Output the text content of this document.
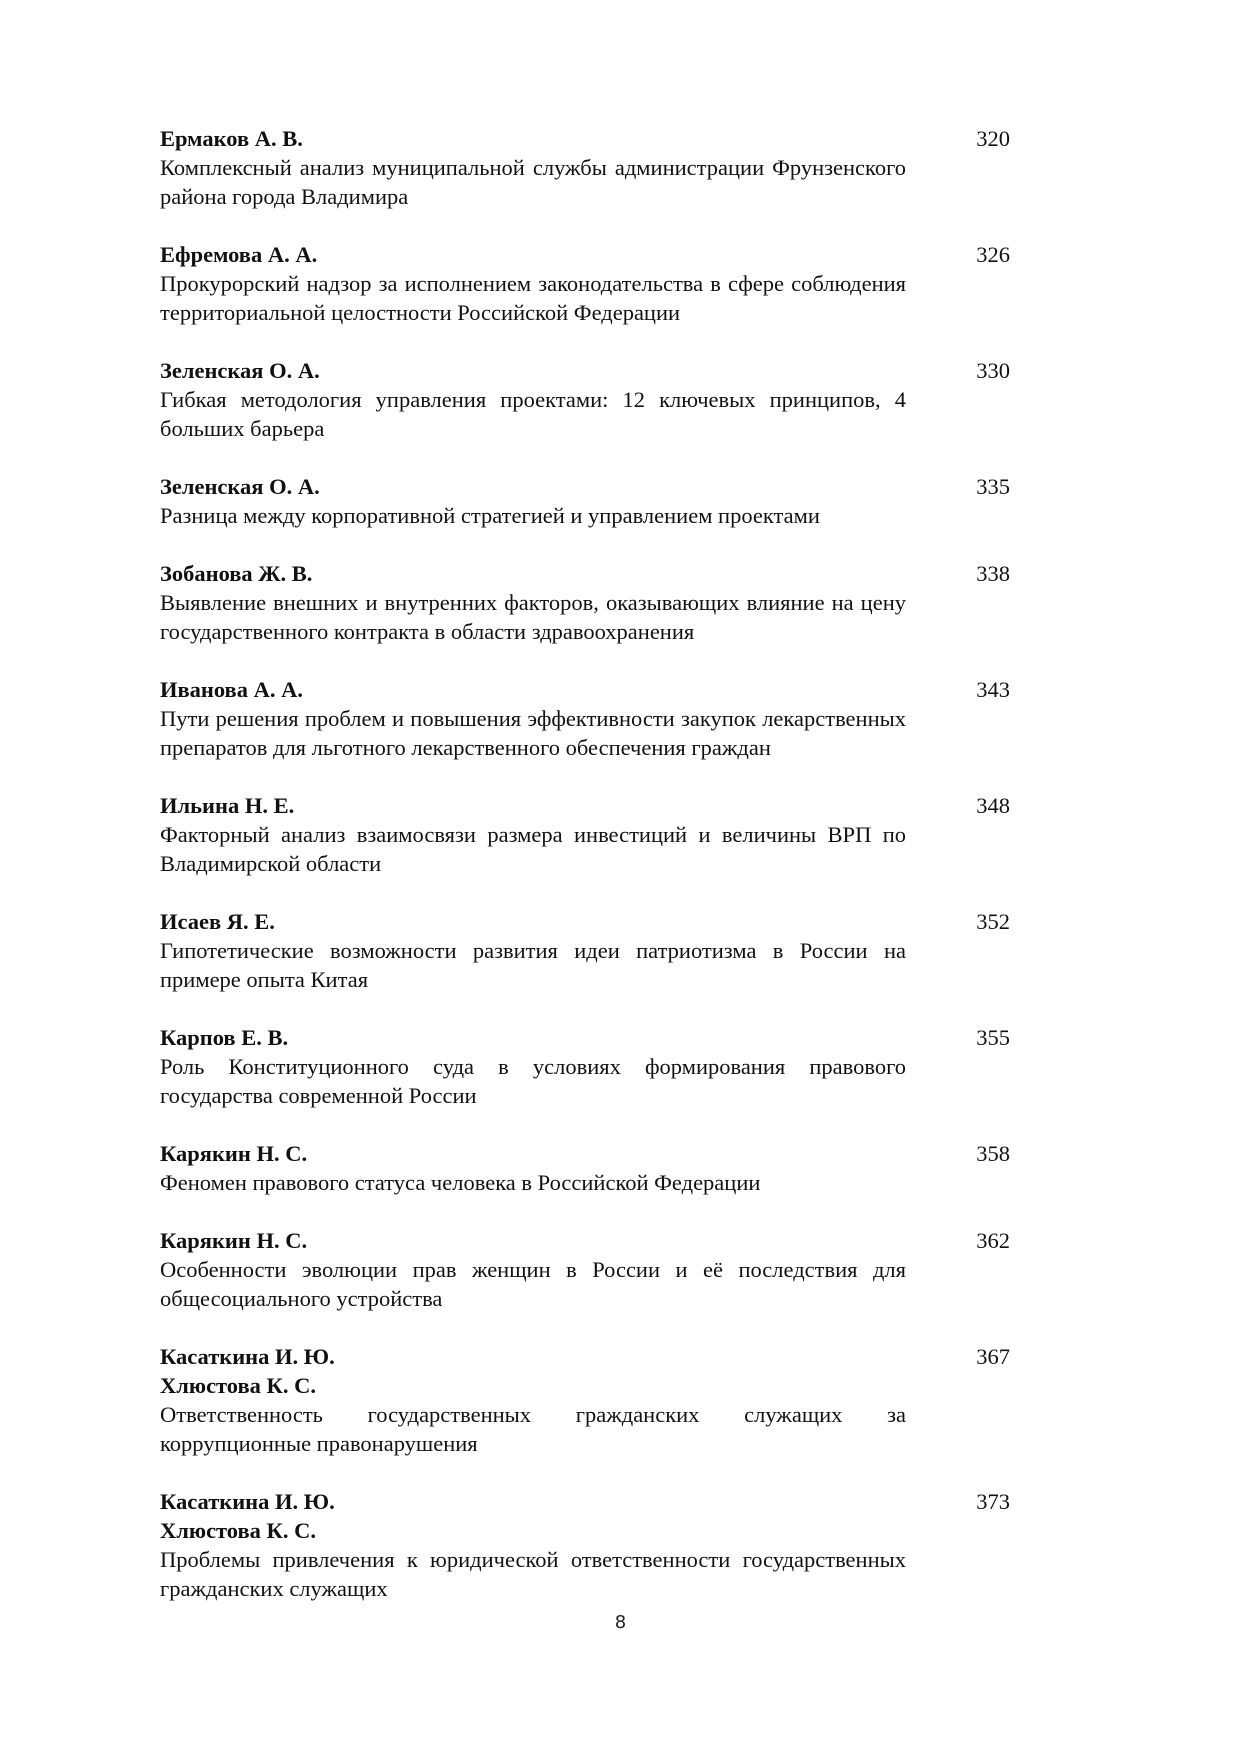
Ермаков А. В.
Комплексный анализ муниципальной службы администрации Фрунзенского района города Владимира
320
Ефремова А. А.
Прокурорский надзор за исполнением законодательства в сфере соблюдения территориальной целостности Российской Федерации
326
Зеленская О. А.
Гибкая методология управления проектами: 12 ключевых принципов, 4 больших барьера
330
Зеленская О. А.
Разница между корпоративной стратегией и управлением проектами
335
Зобанова Ж. В.
Выявление внешних и внутренних факторов, оказывающих влияние на цену государственного контракта в области здравоохранения
338
Иванова А. А.
Пути решения проблем и повышения эффективности закупок лекарственных препаратов для льготного лекарственного обеспечения граждан
343
Ильина Н. Е.
Факторный анализ взаимосвязи размера инвестиций и величины ВРП по Владимирской области
348
Исаев Я. Е.
Гипотетические возможности развития идеи патриотизма в России на примере опыта Китая
352
Карпов Е. В.
Роль Конституционного суда в условиях формирования правового государства современной России
355
Карякин Н. С.
Феномен правового статуса человека в Российской Федерации
358
Карякин Н. С.
Особенности эволюции прав женщин в России и её последствия для общесоциального устройства
362
Касаткина И. Ю.
Хлюстова К. С.
Ответственность государственных гражданских служащих за коррупционные правонарушения
367
Касаткина И. Ю.
Хлюстова К. С.
Проблемы привлечения к юридической ответственности государственных гражданских служащих
373
8
